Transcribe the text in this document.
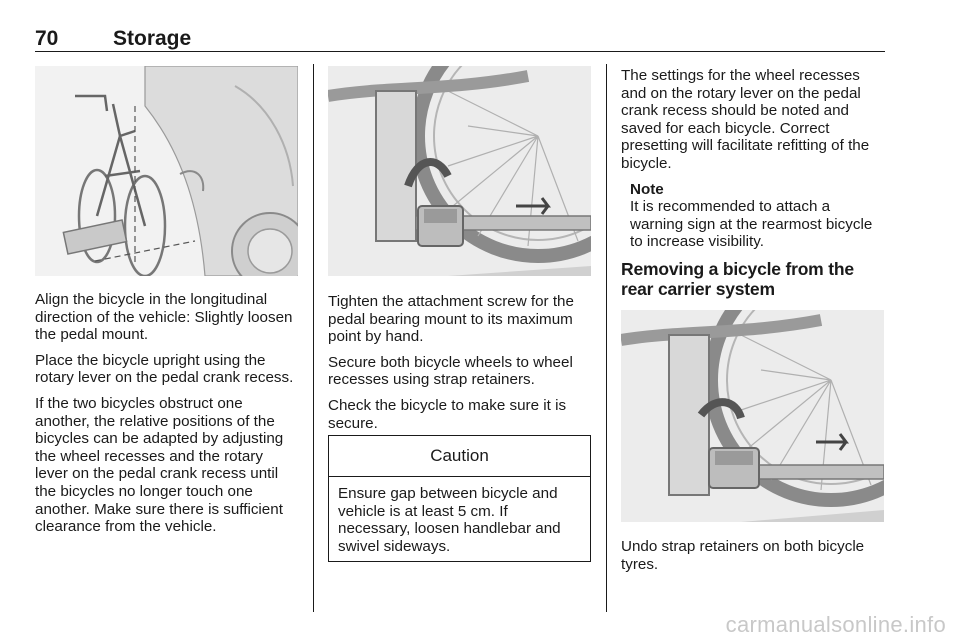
70	Storage

Align the bicycle in the longitudinal direction of the vehicle: Slightly loosen the pedal mount.

Place the bicycle upright using the rotary lever on the pedal crank recess.

If the two bicycles obstruct one another, the relative positions of the bicycles can be adapted by adjusting the wheel recesses and the rotary lever on the pedal crank recess until the bicycles no longer touch one another. Make sure there is sufficient clearance from the vehicle.

Tighten the attachment screw for the pedal bearing mount to its maximum point by hand.

Secure both bicycle wheels to wheel recesses using strap retainers.

Check the bicycle to make sure it is secure.

Caution
Ensure gap between bicycle and vehicle is at least 5 cm. If necessary, loosen handlebar and swivel sideways.

The settings for the wheel recesses and on the rotary lever on the pedal crank recess should be noted and saved for each bicycle. Correct presetting will facilitate refitting of the bicycle.

Note
It is recommended to attach a warning sign at the rearmost bicycle to increase visibility.
Removing a bicycle from the rear carrier system

Undo strap retainers on both bicycle tyres.

carmanualsonline.info
